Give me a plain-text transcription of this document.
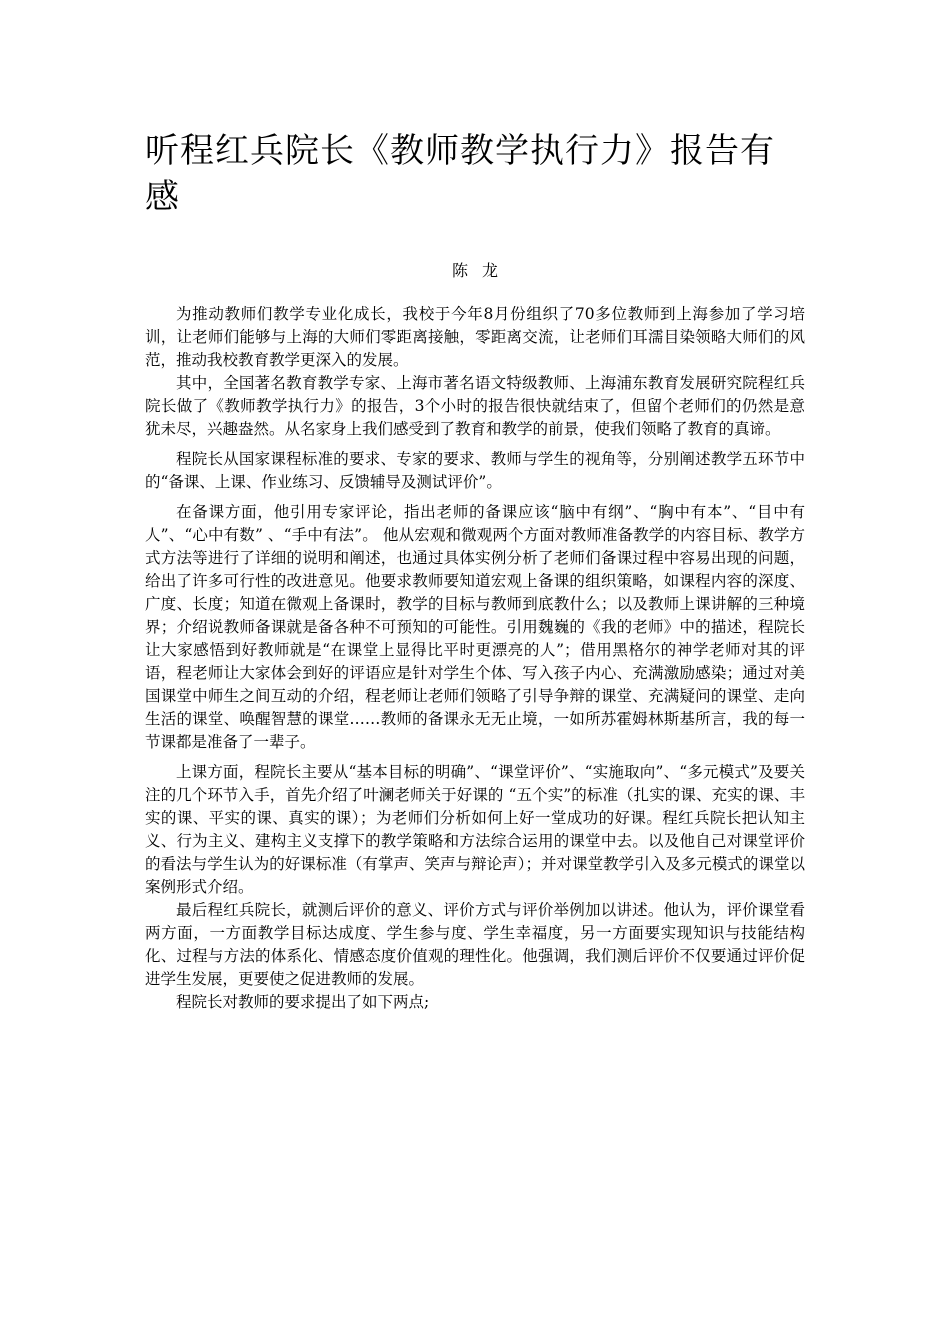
听程红兵院长《教师教学执行力》报告有感
陈龙

为推动教师们教学专业化成长，我校于今年8月份组织了70多位教师到上海参加了学习培训，让老师们能够与上海的大师们零距离接触，零距离交流，让老师们耳濡目染领略大师们的风范，推动我校教育教学更深入的发展。

其中，全国著名教育教学专家、上海市著名语文特级教师、上海浦东教育发展研究院程红兵院长做了《教师教学执行力》的报告，3个小时的报告很快就结束了，但留个老师们的仍然是意犹未尽，兴趣盎然。从名家身上我们感受到了教育和教学的前景，使我们领略了教育的真谛。

程院长从国家课程标准的要求、专家的要求、教师与学生的视角等，分别阐述教学五环节中的“备课、上课、作业练习、反馈辅导及测试评价”。

在备课方面，他引用专家评论，指出老师的备课应该“脑中有纲”、“胸中有本”、“目中有人”、“心中有数” 、“手中有法”。 他从宏观和微观两个方面对教师准备教学的内容目标、教学方式方法等进行了详细的说明和阐述，也通过具体实例分析了老师们备课过程中容易出现的问题，给出了许多可行性的改进意见。他要求教师要知道宏观上备课的组织策略，如课程内容的深度、广度、长度；知道在微观上备课时，教学的目标与教师到底教什么；以及教师上课讲解的三种境界；介绍说教师备课就是备各种不可预知的可能性。引用魏巍的《我的老师》中的描述，程院长让大家感悟到好教师就是“在课堂上显得比平时更漂亮的人”；借用黑格尔的神学老师对其的评语，程老师让大家体会到好的评语应是针对学生个体、写入孩子内心、充满激励感染；通过对美国课堂中师生之间互动的介绍，程老师让老师们领略了引导争辩的课堂、充满疑问的课堂、走向生活的课堂、唤醒智慧的课堂……教师的备课永无无止境，一如所苏霍姆林斯基所言，我的每一节课都是准备了一辈子。

上课方面，程院长主要从“基本目标的明确”、“课堂评价”、“实施取向”、“多元模式”及要关注的几个环节入手，首先介绍了叶澜老师关于好课的 “五个实”的标准（扎实的课、充实的课、丰实的课、平实的课、真实的课）；为老师们分析如何上好一堂成功的好课。程红兵院长把认知主义、行为主义、建构主义支撑下的教学策略和方法综合运用的课堂中去。以及他自己对课堂评价的看法与学生认为的好课标准（有掌声、笑声与辩论声）；并对课堂教学引入及多元模式的课堂以案例形式介绍。

最后程红兵院长，就测后评价的意义、评价方式与评价举例加以讲述。他认为，评价课堂看两方面，一方面教学目标达成度、学生参与度、学生幸福度，另一方面要实现知识与技能结构化、过程与方法的体系化、情感态度价值观的理性化。他强调，我们测后评价不仅要通过评价促进学生发展，更要使之促进教师的发展。

程院长对教师的要求提出了如下两点;
